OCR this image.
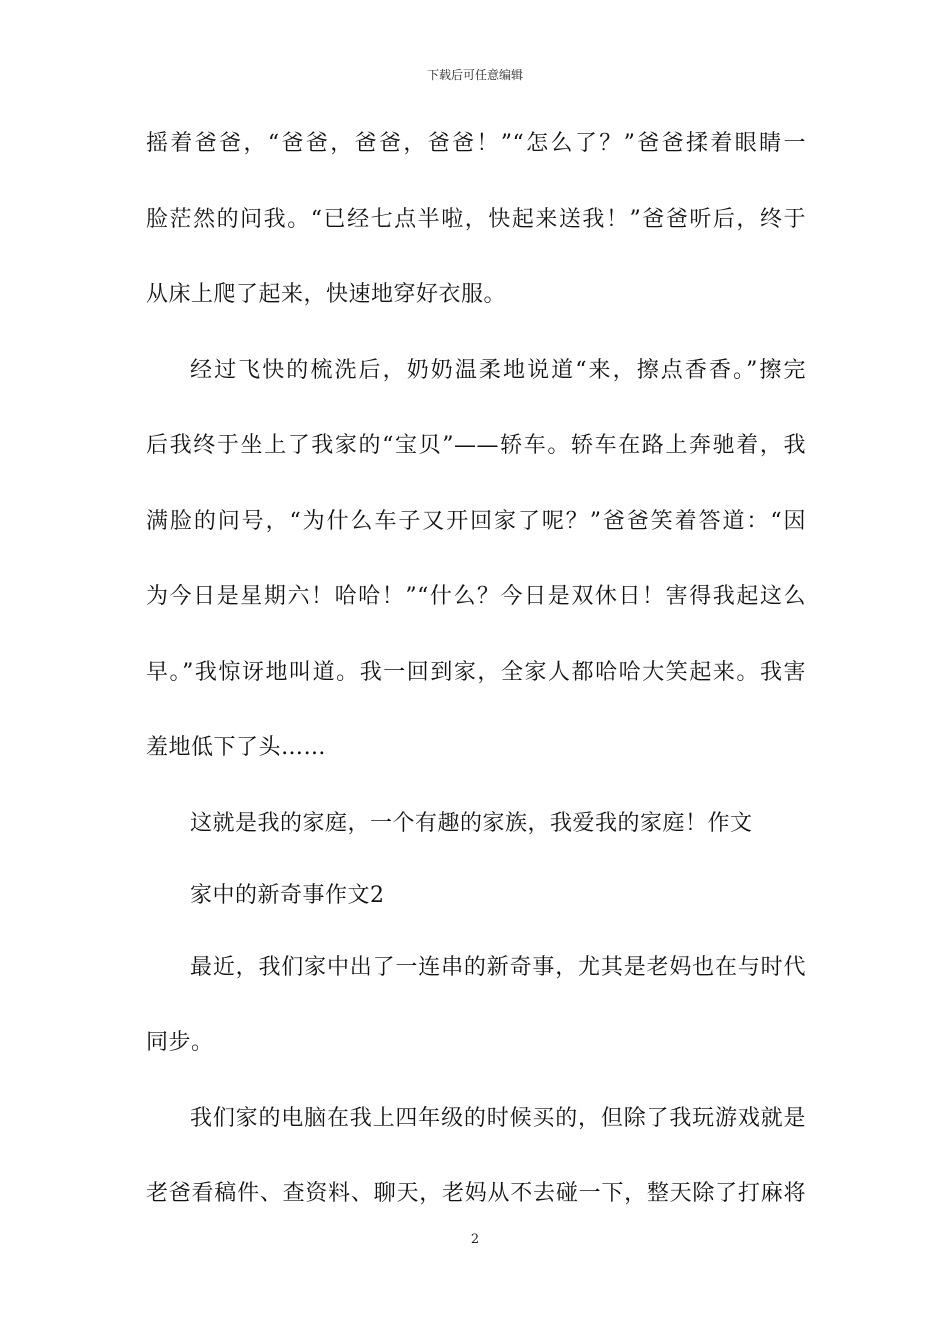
下载后可任意编辑
摇着爸爸，“爸爸，爸爸，爸爸！”“怎么了？”爸爸揉着眼睛一
脸茫然的问我。“已经七点半啦，快起来送我！”爸爸听后，终于
从床上爬了起来，快速地穿好衣服。
经过飞快的梳洗后，奶奶温柔地说道“来，擦点香香。”擦完
后我终于坐上了我家的“宝贝”——轿车。轿车在路上奔驰着，我
满脸的问号，“为什么车子又开回家了呢？”爸爸笑着答道：“因
为今日是星期六！哈哈！”“什么？今日是双休日！害得我起这么
早。”我惊讶地叫道。我一回到家，全家人都哈哈大笑起来。我害
羞地低下了头……
这就是我的家庭，一个有趣的家族，我爱我的家庭！作文
家中的新奇事作文2
最近，我们家中出了一连串的新奇事，尤其是老妈也在与时代
同步。
我们家的电脑在我上四年级的时候买的，但除了我玩游戏就是
老爸看稿件、查资料、聊天，老妈从不去碰一下，整天除了打麻将
2
